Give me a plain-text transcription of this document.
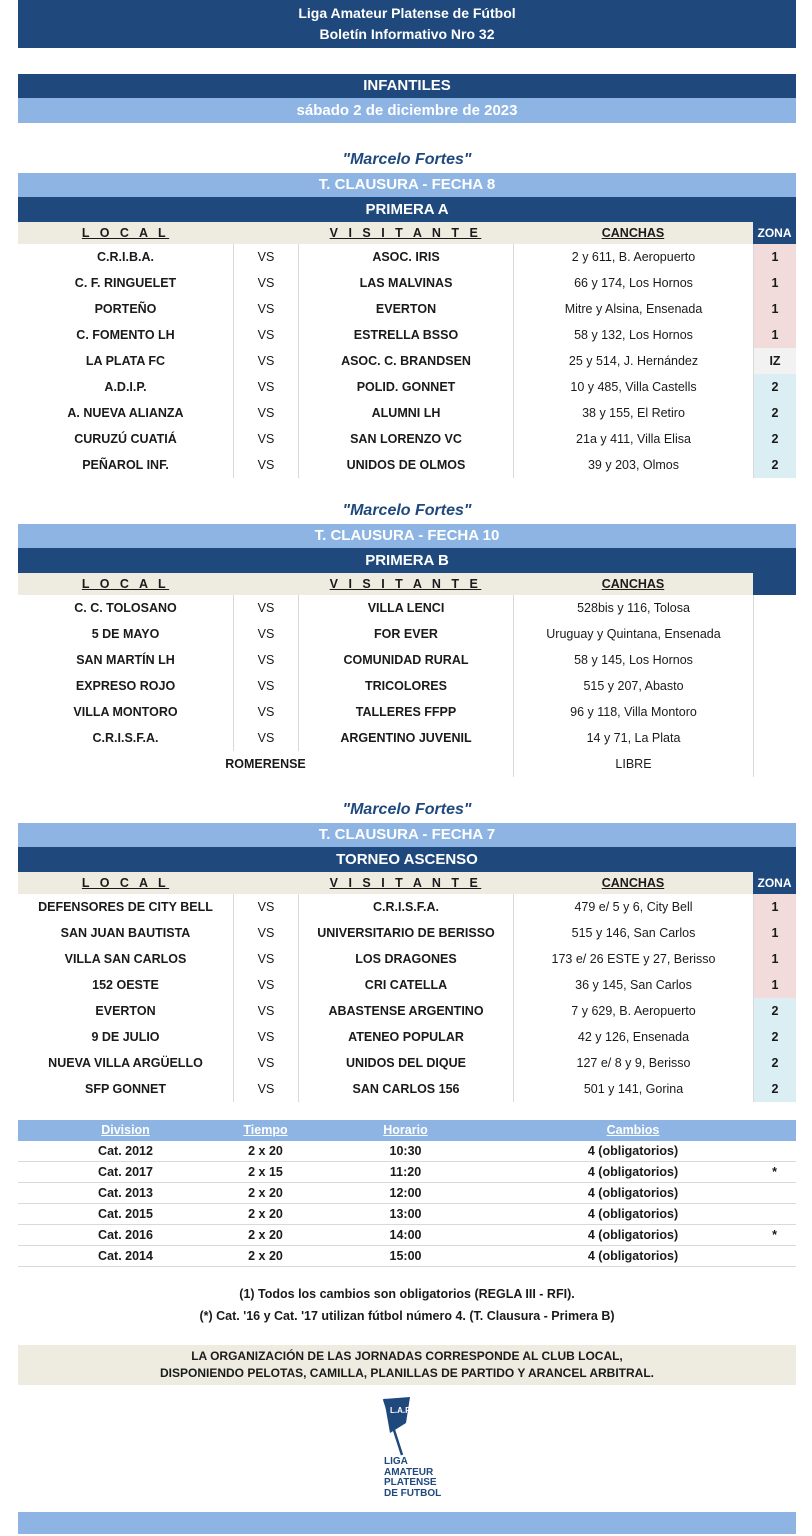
Liga Amateur Platense de Fútbol
Boletín Informativo Nro 32
INFANTILES
sábado 2 de diciembre de 2023
"Marcelo Fortes"
T. CLAUSURA - FECHA 8
PRIMERA A
L O C A L	V I S I T A N T E	CANCHAS	ZONA
C.R.I.B.A.	VS	ASOC. IRIS	2 y 611, B. Aeropuerto	1
C. F. RINGUELET	VS	LAS MALVINAS	66 y 174, Los Hornos	1
PORTEÑO	VS	EVERTON	Mitre y Alsina, Ensenada	1
C. FOMENTO LH	VS	ESTRELLA BSSO	58 y 132, Los Hornos	1
LA PLATA FC	VS	ASOC. C. BRANDSEN	25 y 514, J. Hernández	IZ
A.D.I.P.	VS	POLID. GONNET	10 y 485, Villa Castells	2
A. NUEVA ALIANZA	VS	ALUMNI LH	38 y 155, El Retiro	2
CURUZÚ CUATIÁ	VS	SAN LORENZO VC	21a y 411, Villa Elisa	2
PEÑAROL INF.	VS	UNIDOS DE OLMOS	39 y 203, Olmos	2
"Marcelo Fortes"
T. CLAUSURA - FECHA 10
PRIMERA B
L O C A L	V I S I T A N T E	CANCHAS
C. C. TOLOSANO	VS	VILLA LENCI	528bis y 116, Tolosa
5 DE MAYO	VS	FOR EVER	Uruguay y Quintana, Ensenada
SAN MARTÍN LH	VS	COMUNIDAD RURAL	58 y 145, Los Hornos
EXPRESO ROJO	VS	TRICOLORES	515 y 207, Abasto
VILLA MONTORO	VS	TALLERES FFPP	96 y 118, Villa Montoro
C.R.I.S.F.A.	VS	ARGENTINO JUVENIL	14 y 71, La Plata
ROMERENSE	LIBRE
"Marcelo Fortes"
T. CLAUSURA - FECHA 7
TORNEO ASCENSO
L O C A L	V I S I T A N T E	CANCHAS	ZONA
DEFENSORES DE CITY BELL	VS	C.R.I.S.F.A.	479 e/ 5 y 6, City Bell	1
SAN JUAN BAUTISTA	VS	UNIVERSITARIO DE BERISSO	515 y 146, San Carlos	1
VILLA SAN CARLOS	VS	LOS DRAGONES	173 e/ 26 ESTE y 27, Berisso	1
152 OESTE	VS	CRI CATELLA	36 y 145, San Carlos	1
EVERTON	VS	ABASTENSE ARGENTINO	7 y 629, B. Aeropuerto	2
9 DE JULIO	VS	ATENEO POPULAR	42 y 126, Ensenada	2
NUEVA VILLA ARGÜELLO	VS	UNIDOS DEL DIQUE	127 e/ 8 y 9, Berisso	2
SFP GONNET	VS	SAN CARLOS 156	501 y 141, Gorina	2
Division	Tiempo	Horario	Cambios
Cat. 2012	2 x 20	10:30	4 (obligatorios)
Cat. 2017	2 x 15	11:20	4 (obligatorios)	*
Cat. 2013	2 x 20	12:00	4 (obligatorios)
Cat. 2015	2 x 20	13:00	4 (obligatorios)
Cat. 2016	2 x 20	14:00	4 (obligatorios)	*
Cat. 2014	2 x 20	15:00	4 (obligatorios)
(1) Todos los cambios son obligatorios (REGLA III - RFI).
(*) Cat. '16 y Cat. '17 utilizan fútbol número 4. (T. Clausura - Primera B)
LA ORGANIZACIÓN DE LAS JORNADAS CORRESPONDE AL CLUB LOCAL,
DISPONIENDO PELOTAS, CAMILLA, PLANILLAS DE PARTIDO Y ARANCEL ARBITRAL.
L.A.P.
LIGA
AMATEUR
PLATENSE
DE FUTBOL
